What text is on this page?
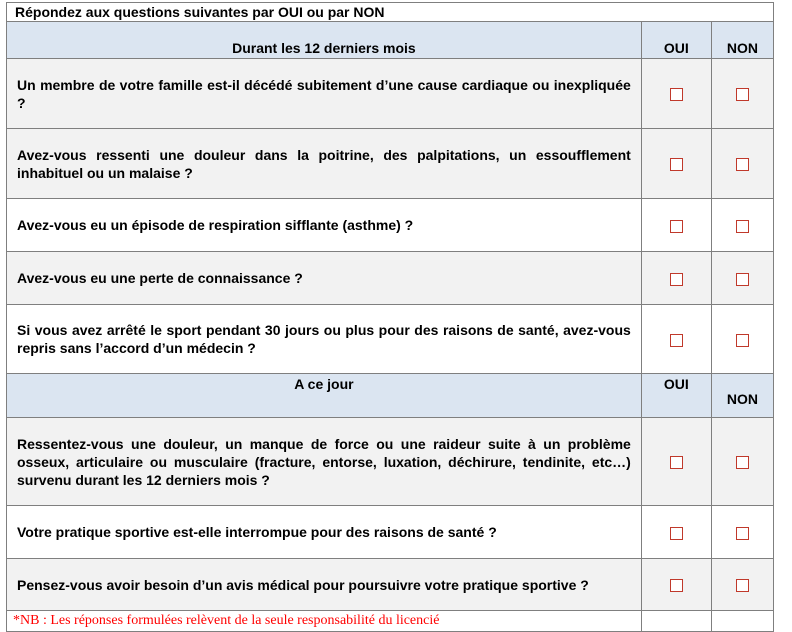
Répondez aux questions suivantes par OUI ou par NON		
Durant les 12 derniers mois	OUI	NON
Un membre de votre famille est-il décédé subitement d’une cause cardiaque ou inexpliquée ?		
Avez-vous ressenti une douleur dans la poitrine, des palpitations, un essoufflement inhabituel ou un malaise ?		
Avez-vous eu un épisode de respiration sifflante (asthme) ?		
Avez-vous eu une perte de connaissance ?		
Si vous avez arrêté le sport pendant 30 jours ou plus pour des raisons de santé, avez-vous repris sans l’accord d’un médecin ?		
A ce jour	OUI	NON
Ressentez-vous une douleur, un manque de force ou une raideur suite à un problème osseux, articulaire ou musculaire (fracture, entorse, luxation, déchirure, tendinite, etc…) survenu durant les 12 derniers mois ?		
Votre pratique sportive est-elle interrompue pour des raisons de santé ?		
Pensez-vous avoir besoin d’un avis médical pour poursuivre votre pratique sportive ?		
*NB : Les réponses formulées relèvent de la seule responsabilité du licencié		
